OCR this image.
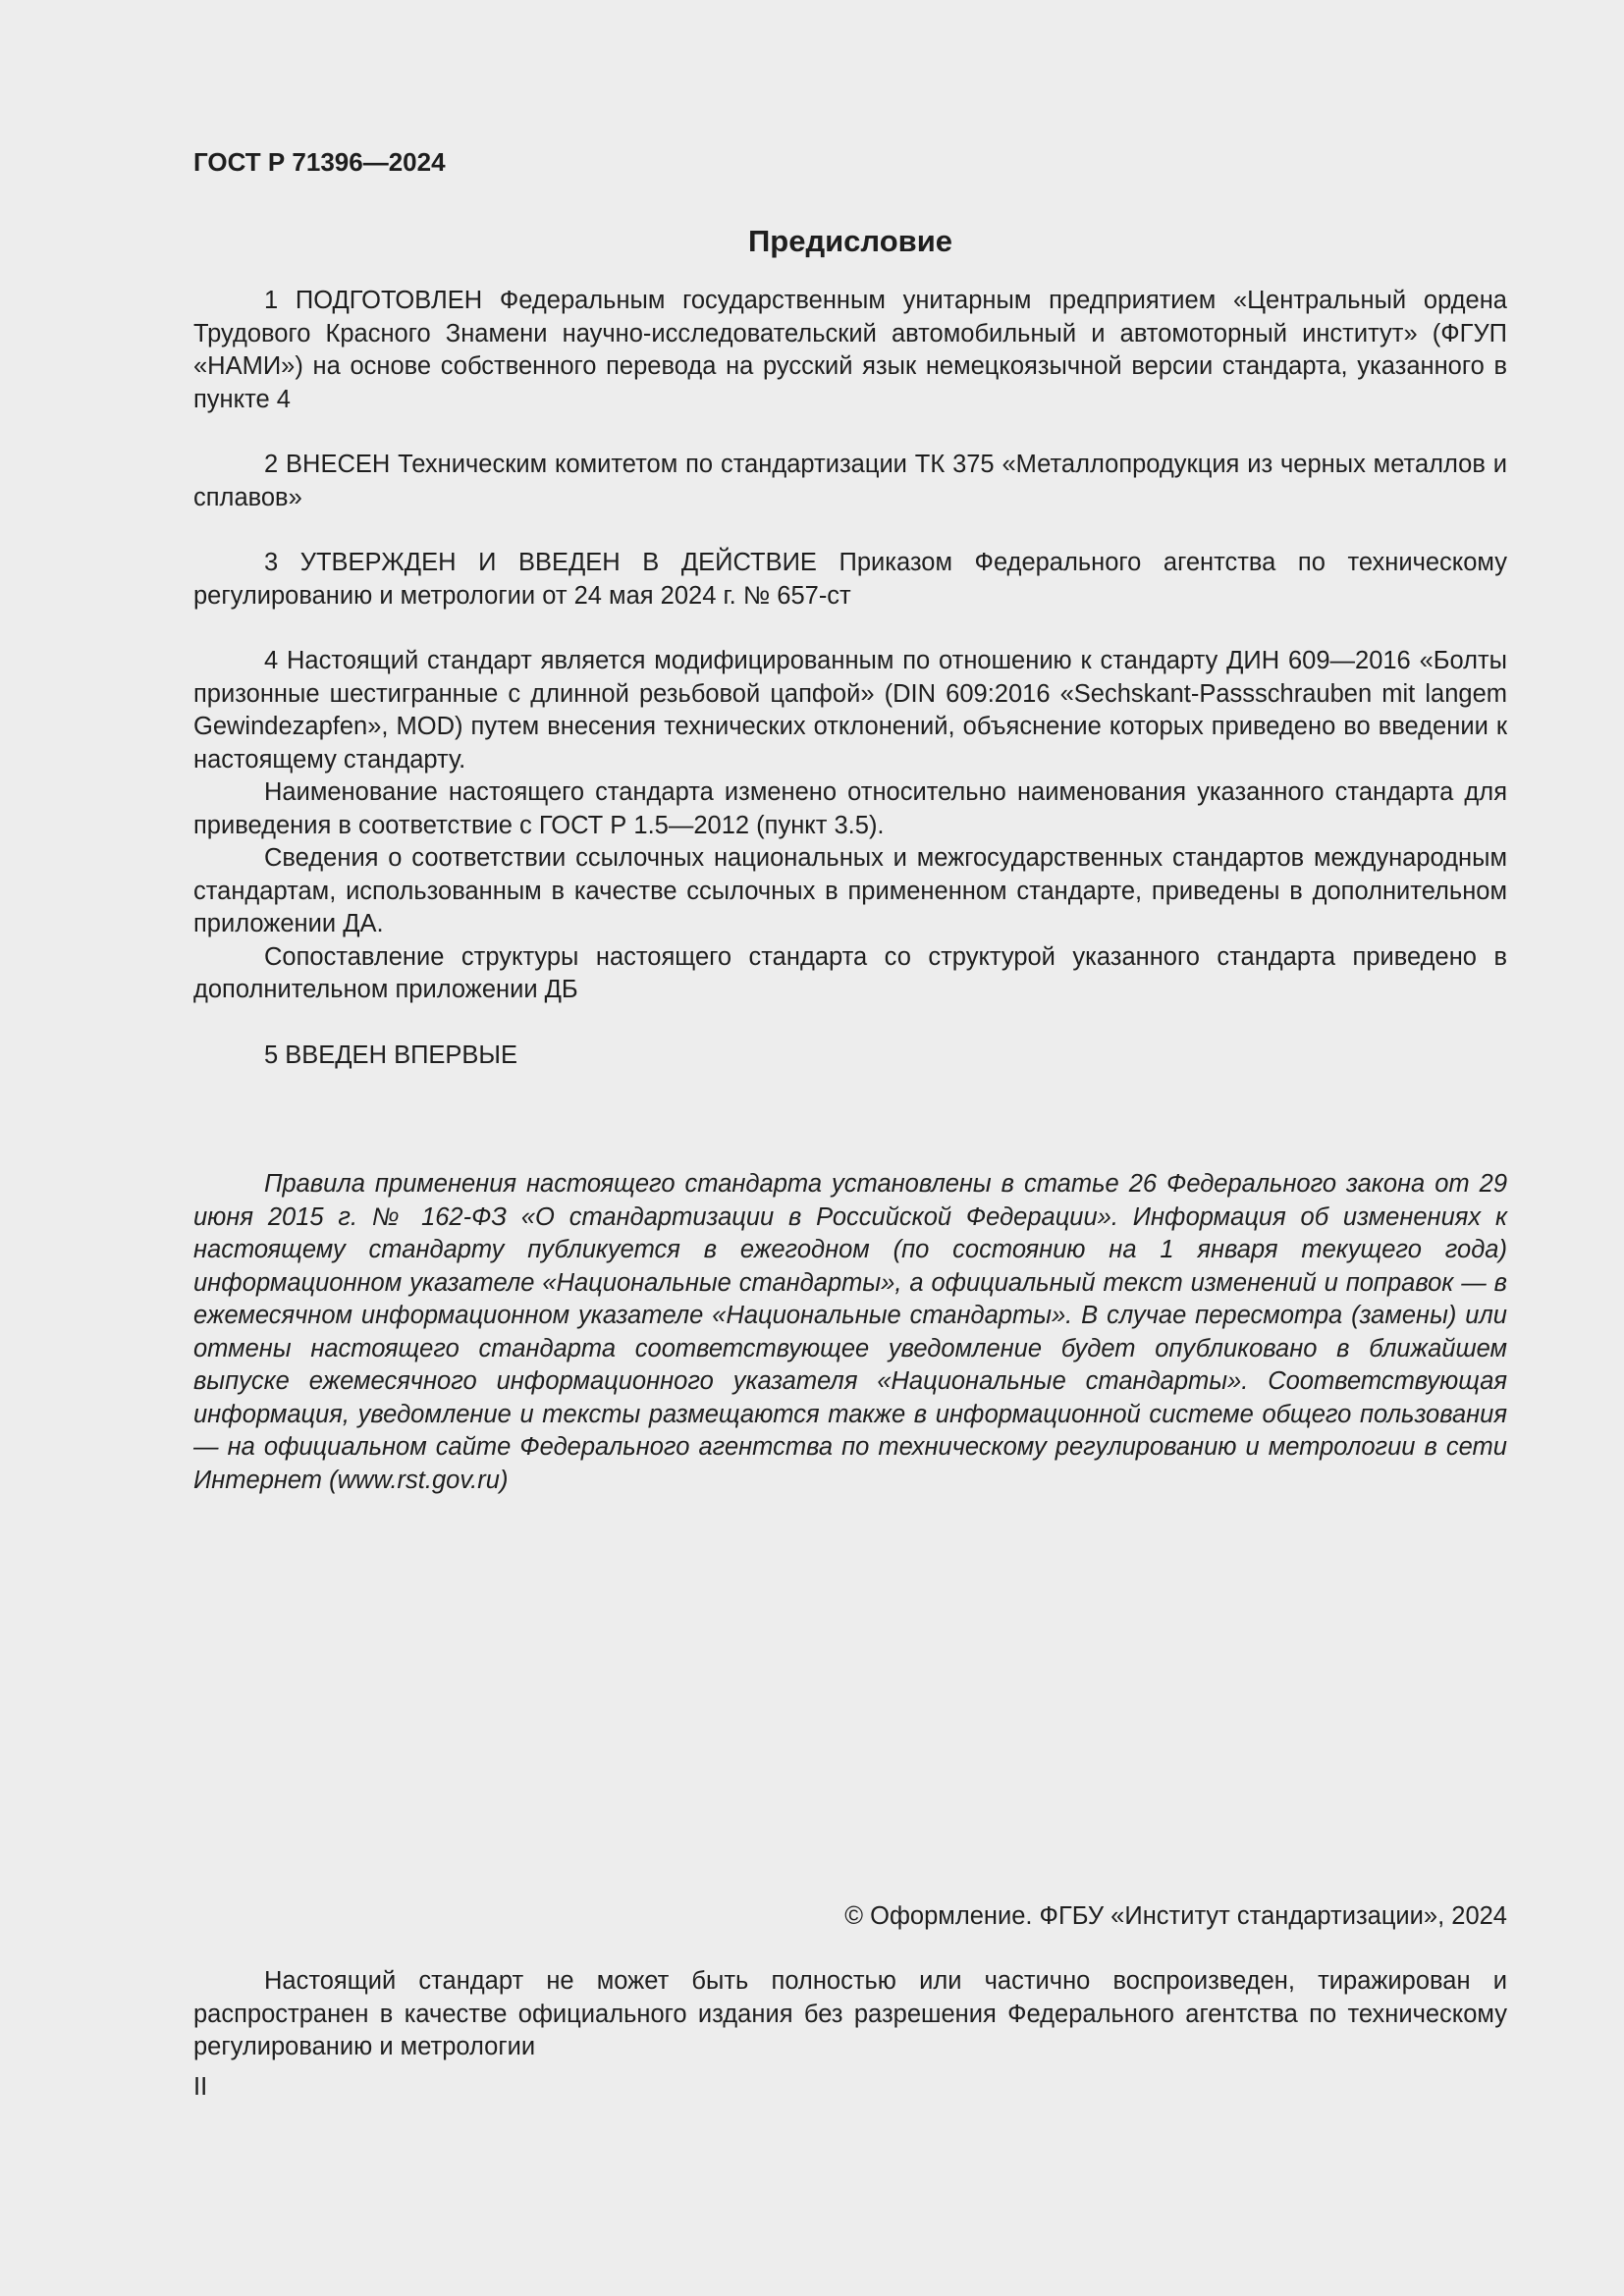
ГОСТ Р 71396—2024

Предисловие

1 ПОДГОТОВЛЕН Федеральным государственным унитарным предприятием «Центральный ордена Трудового Красного Знамени научно-исследовательский автомобильный и автомоторный институт» (ФГУП «НАМИ») на основе собственного перевода на русский язык немецкоязычной версии стандарта, указанного в пункте 4

2 ВНЕСЕН Техническим комитетом по стандартизации ТК 375 «Металлопродукция из черных металлов и сплавов»

3 УТВЕРЖДЕН И ВВЕДЕН В ДЕЙСТВИЕ Приказом Федерального агентства по техническому регулированию и метрологии от 24 мая 2024 г. № 657-ст

4 Настоящий стандарт является модифицированным по отношению к стандарту ДИН 609—2016 «Болты призонные шестигранные с длинной резьбовой цапфой» (DIN 609:2016 «Sechskant-Passschrauben mit langem Gewindezapfen», MOD) путем внесения технических отклонений, объяснение которых приведено во введении к настоящему стандарту.

Наименование настоящего стандарта изменено относительно наименования указанного стандарта для приведения в соответствие с ГОСТ Р 1.5—2012 (пункт 3.5).

Сведения о соответствии ссылочных национальных и межгосударственных стандартов международным стандартам, использованным в качестве ссылочных в примененном стандарте, приведены в дополнительном приложении ДА.

Сопоставление структуры настоящего стандарта со структурой указанного стандарта приведено в дополнительном приложении ДБ

5 ВВЕДЕН ВПЕРВЫЕ

Правила применения настоящего стандарта установлены в статье 26 Федерального закона от 29 июня 2015 г. № 162-ФЗ «О стандартизации в Российской Федерации». Информация об изменениях к настоящему стандарту публикуется в ежегодном (по состоянию на 1 января текущего года) информационном указателе «Национальные стандарты», а официальный текст изменений и поправок — в ежемесячном информационном указателе «Национальные стандарты». В случае пересмотра (замены) или отмены настоящего стандарта соответствующее уведомление будет опубликовано в ближайшем выпуске ежемесячного информационного указателя «Национальные стандарты». Соответствующая информация, уведомление и тексты размещаются также в информационной системе общего пользования — на официальном сайте Федерального агентства по техническому регулированию и метрологии в сети Интернет (www.rst.gov.ru)

© Оформление. ФГБУ «Институт стандартизации», 2024

Настоящий стандарт не может быть полностью или частично воспроизведен, тиражирован и распространен в качестве официального издания без разрешения Федерального агентства по техническому регулированию и метрологии

II
